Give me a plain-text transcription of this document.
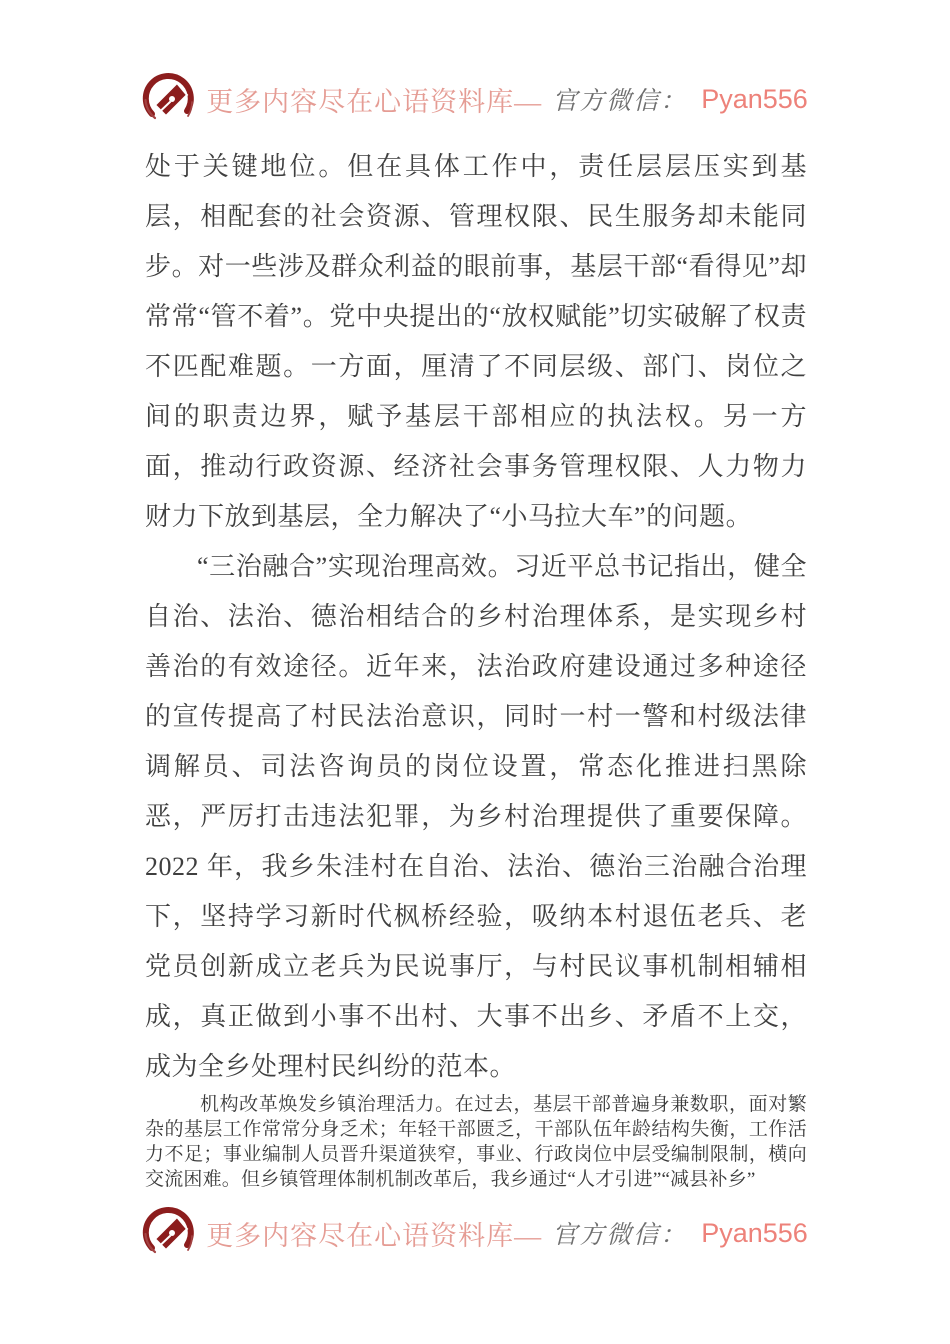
更多内容尽在心语资料库— 官方微信： Pyan556

处于关键地位。但在具体工作中，责任层层压实到基层，相配套的社会资源、管理权限、民生服务却未能同步。对一些涉及群众利益的眼前事，基层干部“看得见”却常常“管不着”。党中央提出的“放权赋能”切实破解了权责不匹配难题。一方面，厘清了不同层级、部门、岗位之间的职责边界，赋予基层干部相应的执法权。另一方面，推动行政资源、经济社会事务管理权限、人力物力财力下放到基层，全力解决了“小马拉大车”的问题。

“三治融合”实现治理高效。习近平总书记指出，健全自治、法治、德治相结合的乡村治理体系，是实现乡村善治的有效途径。近年来，法治政府建设通过多种途径的宣传提高了村民法治意识，同时一村一警和村级法律调解员、司法咨询员的岗位设置，常态化推进扫黑除恶，严厉打击违法犯罪，为乡村治理提供了重要保障。2022 年，我乡朱洼村在自治、法治、德治三治融合治理下，坚持学习新时代枫桥经验，吸纳本村退伍老兵、老党员创新成立老兵为民说事厅，与村民议事机制相辅相成，真正做到小事不出村、大事不出乡、矛盾不上交，成为全乡处理村民纠纷的范本。

机构改革焕发乡镇治理活力。在过去，基层干部普遍身兼数职，面对繁杂的基层工作常常分身乏术；年轻干部匮乏，干部队伍年龄结构失衡，工作活力不足；事业编制人员晋升渠道狭窄，事业、行政岗位中层受编制限制，横向交流困难。但乡镇管理体制机制改革后，我乡通过“人才引进”“减县补乡”

更多内容尽在心语资料库— 官方微信： Pyan556
